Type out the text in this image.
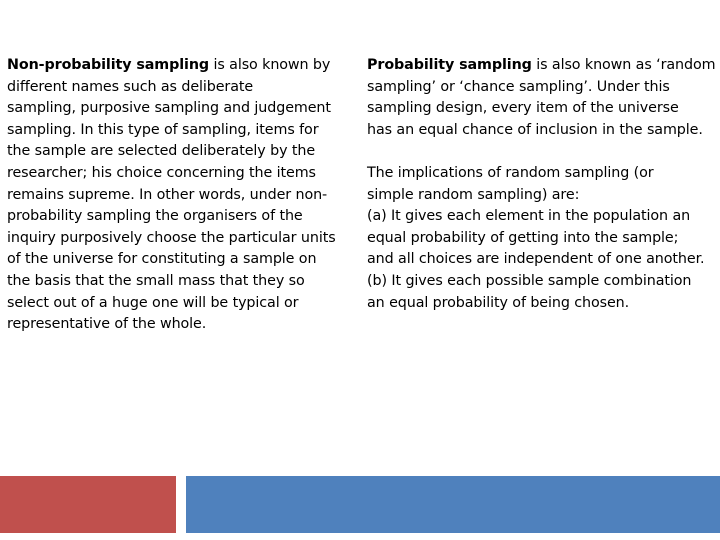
Non-probability sampling is also known by
different names such as deliberate
sampling, purposive sampling and judgement
sampling. In this type of sampling, items for
the sample are selected deliberately by the
researcher; his choice concerning the items
remains supreme. In other words, under non-
probability sampling the organisers of the
inquiry purposively choose the particular units
of the universe for constituting a sample on
the basis that the small mass that they so
select out of a huge one will be typical or
representative of the whole.

Probability sampling is also known as ‘random
sampling’ or ‘chance sampling’. Under this
sampling design, every item of the universe
has an equal chance of inclusion in the sample.

The implications of random sampling (or
simple random sampling) are:
(a) It gives each element in the population an
equal probability of getting into the sample;
and all choices are independent of one another.
(b) It gives each possible sample combination
an equal probability of being chosen.
